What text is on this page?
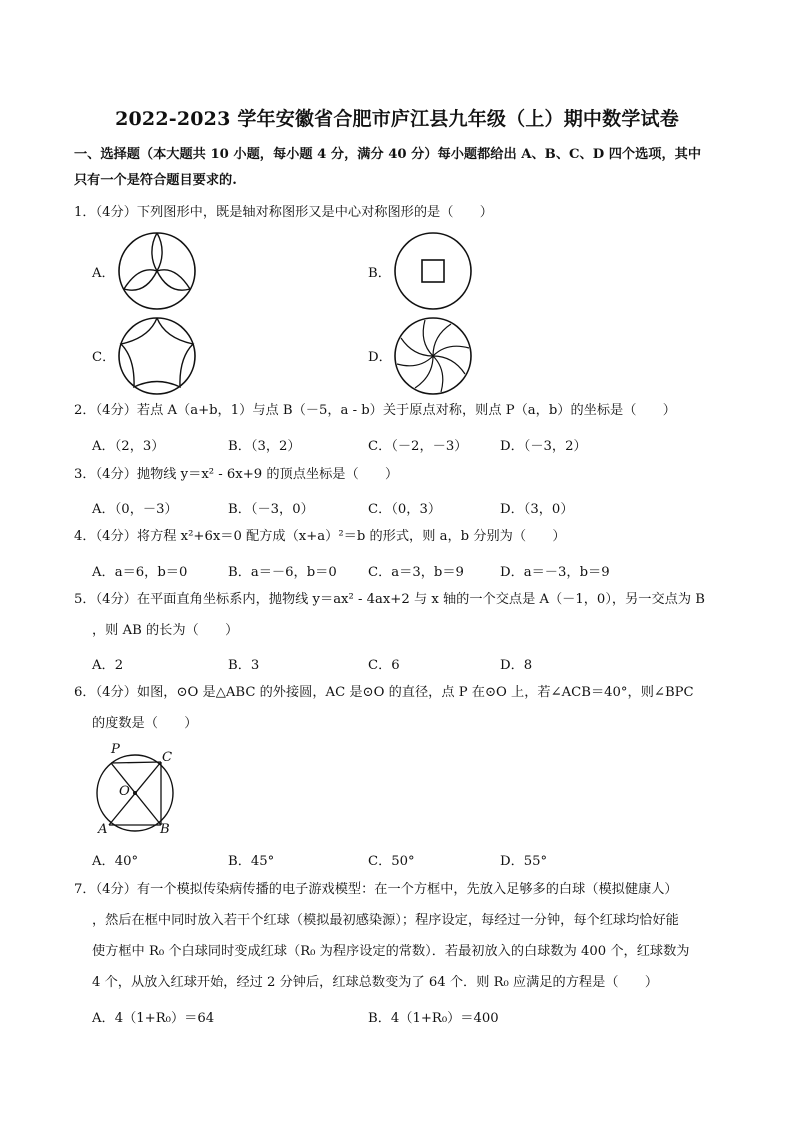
2022-2023 学年安徽省合肥市庐江县九年级（上）期中数学试卷
一、选择题（本大题共 10 小题，每小题 4 分，满分 40 分）每小题都给出 A、B、C、D 四个选项，其中
只有一个是符合题目要求的.
1．（4分）下列图形中，既是轴对称图形又是中心对称图形的是（　　）
A．	B．
C．	D．
2．（4分）若点 A（a+b，1）与点 B（－5，a - b）关于原点对称，则点 P（a，b）的坐标是（　　）
A．（2，3）	B．（3，2）	C．（－2，－3） D．（－3，2）
3．（4分）抛物线 y＝x² - 6x+9 的顶点坐标是（　　）
A．（0，－3）	B．（－3，0）	C．（0，3）	D．（3，0）
4．（4分）将方程 x²+6x＝0 配方成（x+a）²＝b 的形式，则 a，b 分别为（　　）
A．a＝6，b＝0	B．a＝－6，b＝0 C．a＝3，b＝9	D．a＝－3，b＝9
5．（4分）在平面直角坐标系内，抛物线 y＝ax² - 4ax+2 与 x 轴的一个交点是 A（－1，0），另一交点为 B
，则 AB 的长为（　　）
A．2	B．3	C．6	D．8
6．（4分）如图，⊙O 是△ABC 的外接圆，AC 是⊙O 的直径，点 P 在⊙O 上，若∠ACB＝40°，则∠BPC
的度数是（　　）
P
C
O
A	B
A．40°	B．45°	C．50°	D．55°
7．（4分）有一个模拟传染病传播的电子游戏模型：在一个方框中，先放入足够多的白球（模拟健康人）
，然后在框中同时放入若干个红球（模拟最初感染源）；程序设定，每经过一分钟，每个红球均恰好能
使方框中 R₀ 个白球同时变成红球（R₀ 为程序设定的常数）．若最初放入的白球数为 400 个，红球数为
4 个，从放入红球开始，经过 2 分钟后，红球总数变为了 64 个．则 R₀ 应满足的方程是（　　）
A．4（1+R₀）＝64	B．4（1+R₀）＝400
